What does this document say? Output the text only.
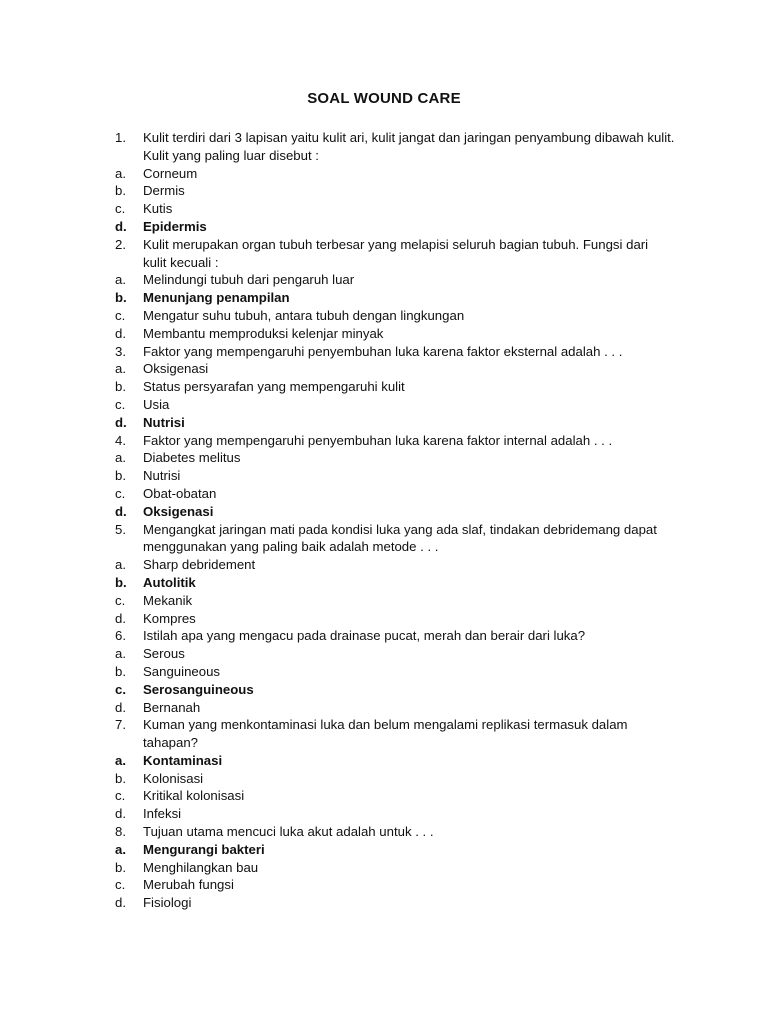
SOAL WOUND CARE
1. Kulit terdiri dari 3 lapisan yaitu kulit ari, kulit jangat dan jaringan penyambung dibawah kulit. Kulit yang paling luar disebut :
a. Corneum
b. Dermis
c. Kutis
d. Epidermis
2. Kulit merupakan organ tubuh terbesar yang melapisi seluruh bagian tubuh. Fungsi dari kulit kecuali :
a. Melindungi tubuh dari pengaruh luar
b. Menunjang penampilan
c. Mengatur suhu tubuh, antara tubuh dengan lingkungan
d. Membantu memproduksi kelenjar minyak
3. Faktor yang mempengaruhi penyembuhan luka karena faktor eksternal adalah . . .
a. Oksigenasi
b. Status persyarafan yang mempengaruhi kulit
c. Usia
d. Nutrisi
4. Faktor yang mempengaruhi penyembuhan luka karena faktor internal adalah . . .
a. Diabetes melitus
b. Nutrisi
c. Obat-obatan
d. Oksigenasi
5. Mengangkat jaringan mati pada kondisi luka yang ada slaf, tindakan debridemang dapat menggunakan yang paling baik adalah metode . . .
a. Sharp debridement
b. Autolitik
c. Mekanik
d. Kompres
6. Istilah apa yang mengacu pada drainase pucat, merah dan berair dari luka?
a. Serous
b. Sanguineous
c. Serosanguineous
d. Bernanah
7. Kuman yang menkontaminasi luka dan belum mengalami replikasi termasuk dalam tahapan?
a. Kontaminasi
b. Kolonisasi
c. Kritikal kolonisasi
d. Infeksi
8. Tujuan utama mencuci luka akut adalah untuk . . .
a. Mengurangi bakteri
b. Menghilangkan bau
c. Merubah fungsi
d. Fisiologi
